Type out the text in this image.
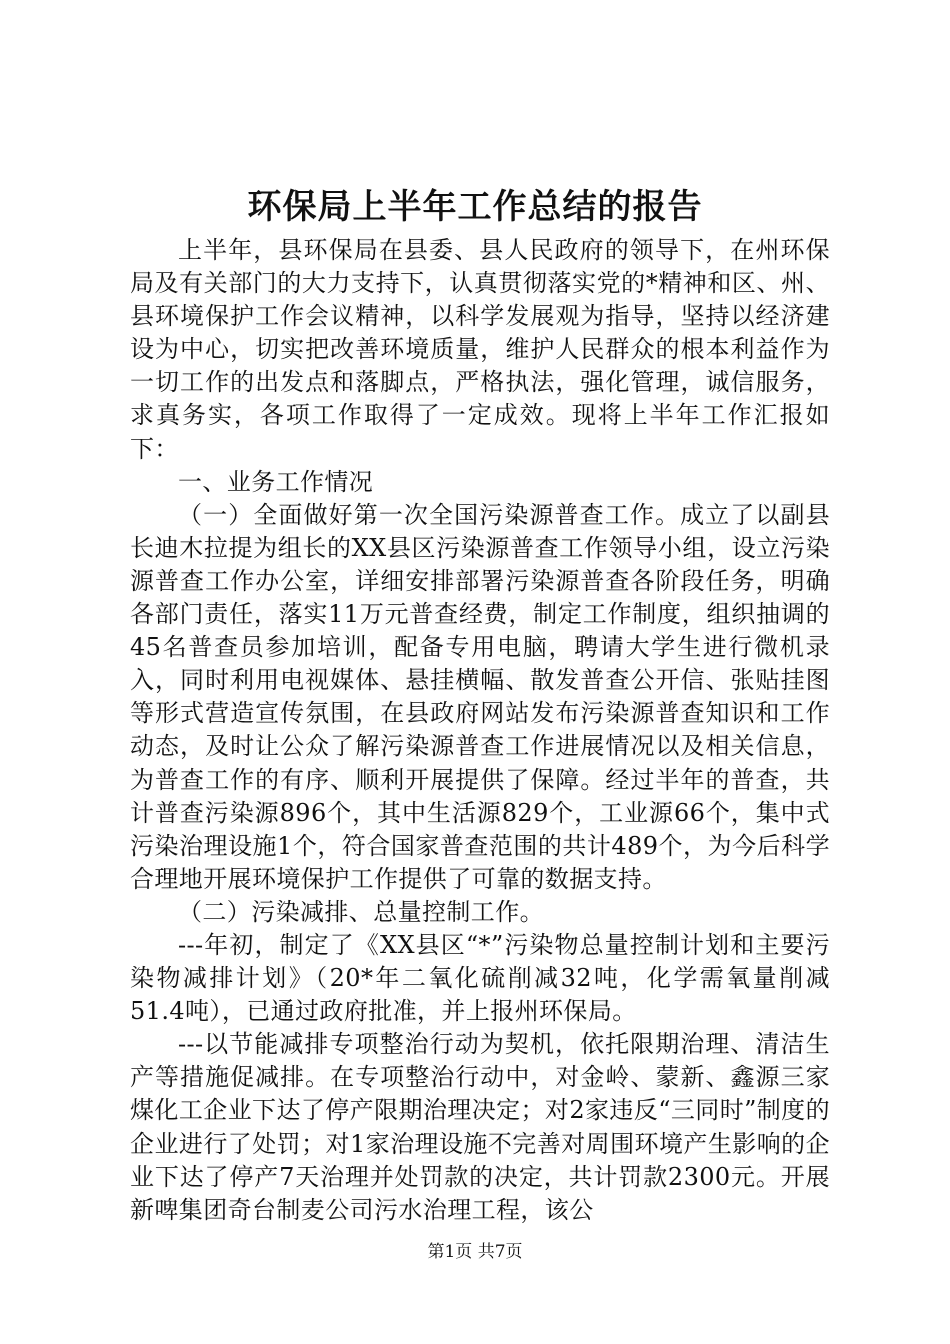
环保局上半年工作总结的报告

上半年，县环保局在县委、县人民政府的领导下，在州环保局及有关部门的大力支持下，认真贯彻落实党的*精神和区、州、县环境保护工作会议精神，以科学发展观为指导，坚持以经济建设为中心，切实把改善环境质量，维护人民群众的根本利益作为一切工作的出发点和落脚点，严格执法，强化管理，诚信服务，求真务实，各项工作取得了一定成效。现将上半年工作汇报如下：

一、业务工作情况

（一）全面做好第一次全国污染源普查工作。成立了以副县长迪木拉提为组长的XX县区污染源普查工作领导小组，设立污染源普查工作办公室，详细安排部署污染源普查各阶段任务，明确各部门责任，落实11万元普查经费，制定工作制度，组织抽调的45名普查员参加培训，配备专用电脑，聘请大学生进行微机录入，同时利用电视媒体、悬挂横幅、散发普查公开信、张贴挂图等形式营造宣传氛围，在县政府网站发布污染源普查知识和工作动态，及时让公众了解污染源普查工作进展情况以及相关信息，为普查工作的有序、顺利开展提供了保障。经过半年的普查，共计普查污染源896个，其中生活源829个，工业源66个，集中式污染治理设施1个，符合国家普查范围的共计489个，为今后科学合理地开展环境保护工作提供了可靠的数据支持。

（二）污染减排、总量控制工作。

---年初，制定了《XX县区“*”污染物总量控制计划和主要污染物减排计划》（20*年二氧化硫削减32吨，化学需氧量削减51.4吨），已通过政府批准，并上报州环保局。

---以节能减排专项整治行动为契机，依托限期治理、清洁生产等措施促减排。在专项整治行动中，对金岭、蒙新、鑫源三家煤化工企业下达了停产限期治理决定；对2家违反“三同时”制度的企业进行了处罚；对1家治理设施不完善对周围环境产生影响的企业下达了停产7天治理并处罚款的决定，共计罚款2300元。开展新啤集团奇台制麦公司污水治理工程，该公

第1页 共7页
